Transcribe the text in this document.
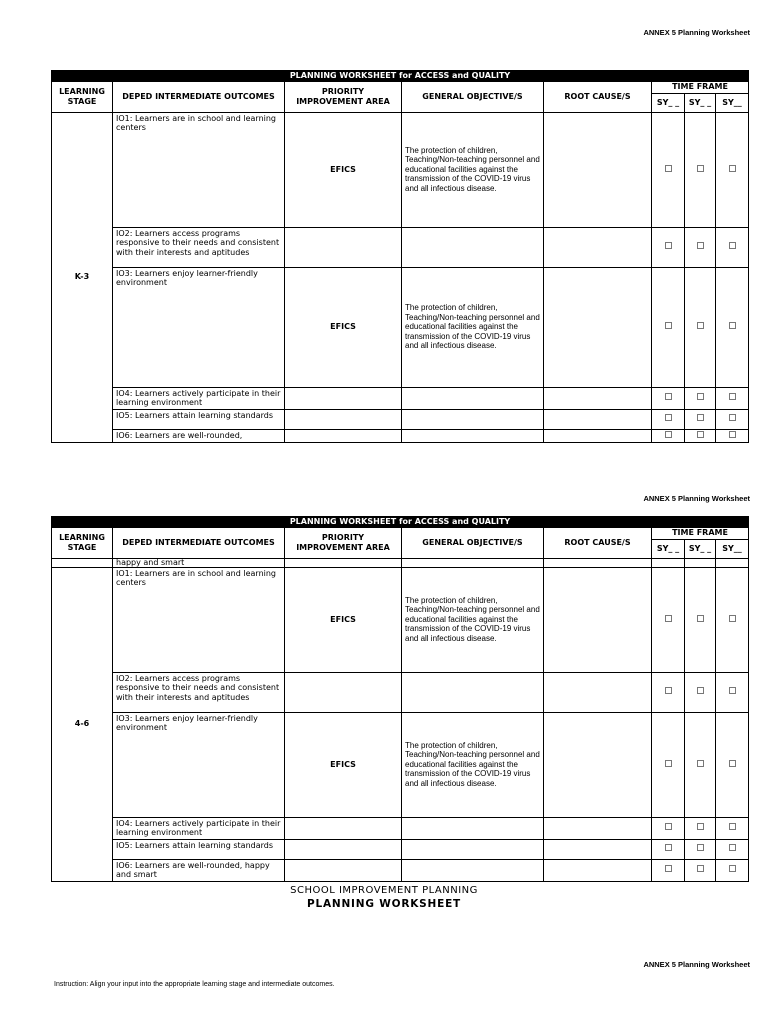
ANNEX 5 Planning Worksheet
PLANNING WORKSHEET for ACCESS and QUALITY							
LEARNING STAGE	DEPED INTERMEDIATE OUTCOMES	PRIORITY IMPROVEMENT AREA	GENERAL OBJECTIVE/S	ROOT CAUSE/S	TIME FRAME		
					SY_ _	SY_ _	SY__
K-3	IO1: Learners are in school and learning centers	EFICS	The protection of children, Teaching/Non-teaching personnel and educational facilities against the transmission of the COVID-19 virus and all infectious disease.				
	IO2: Learners access programs responsive to their needs and consistent with their interests and aptitudes						
	IO3: Learners enjoy learner-friendly environment	EFICS	The protection of children, Teaching/Non-teaching personnel and educational facilities against the transmission of the COVID-19 virus and all infectious disease.				
	IO4: Learners actively participate in their learning environment						
	IO5: Learners attain learning standards						
	IO6: Learners are well-rounded,						
ANNEX 5 Planning Worksheet
PLANNING WORKSHEET for ACCESS and QUALITY							
LEARNING STAGE	DEPED INTERMEDIATE OUTCOMES	PRIORITY IMPROVEMENT AREA	GENERAL OBJECTIVE/S	ROOT CAUSE/S	TIME FRAME		
					SY_ _	SY_ _	SY__
	happy and smart						
4-6	IO1: Learners are in school and learning centers	EFICS	The protection of children, Teaching/Non-teaching personnel and educational facilities against the transmission of the COVID-19 virus and all infectious disease.				
	IO2: Learners access programs responsive to their needs and consistent with their interests and aptitudes						
	IO3: Learners enjoy learner-friendly environment	EFICS	The protection of children, Teaching/Non-teaching personnel and educational facilities against the transmission of the COVID-19 virus and all infectious disease.				
	IO4: Learners actively participate in their learning environment						
	IO5: Learners attain learning standards						
	IO6: Learners are well-rounded, happy and smart						
SCHOOL IMPROVEMENT PLANNING
PLANNING WORKSHEET
ANNEX 5 Planning Worksheet
Instruction: Align your input into the appropriate learning stage and intermediate outcomes.
